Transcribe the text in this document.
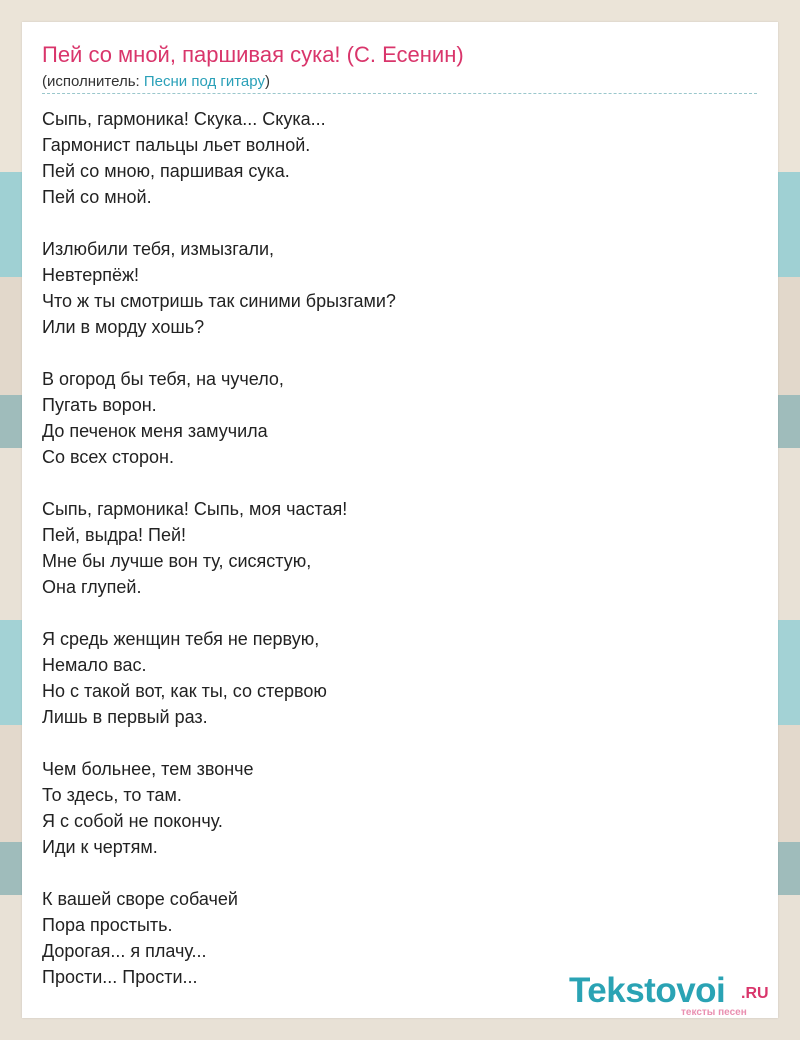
Пей со мной, паршивая сука! (С. Есенин)
(исполнитель: Песни под гитару)
Сыпь, гармоника! Скука... Скука...
Гармонист пальцы льет волной.
Пей со мною, паршивая сука.
Пей со мной.
Излюбили тебя, измызгали,
Невтерпёж!
Что ж ты смотришь так синими брызгами?
Или в морду хошь?
В огород бы тебя, на чучело,
Пугать ворон.
До печенок меня замучила
Со всех сторон.
Сыпь, гармоника! Сыпь, моя частая!
Пей, выдра! Пей!
Мне бы лучше вон ту, сисястую,
Она глупей.
Я средь женщин тебя не первую,
Немало вас.
Но с такой вот, как ты, со стервою
Лишь в первый раз.
Чем больнее, тем звонче
То здесь, то там.
Я с собой не покончу.
Иди к чертям.
К вашей своре собачей
Пора простыть.
Дорогая... я плачу...
Прости... Прости...	Tekstovoi .RU
тексты песен
